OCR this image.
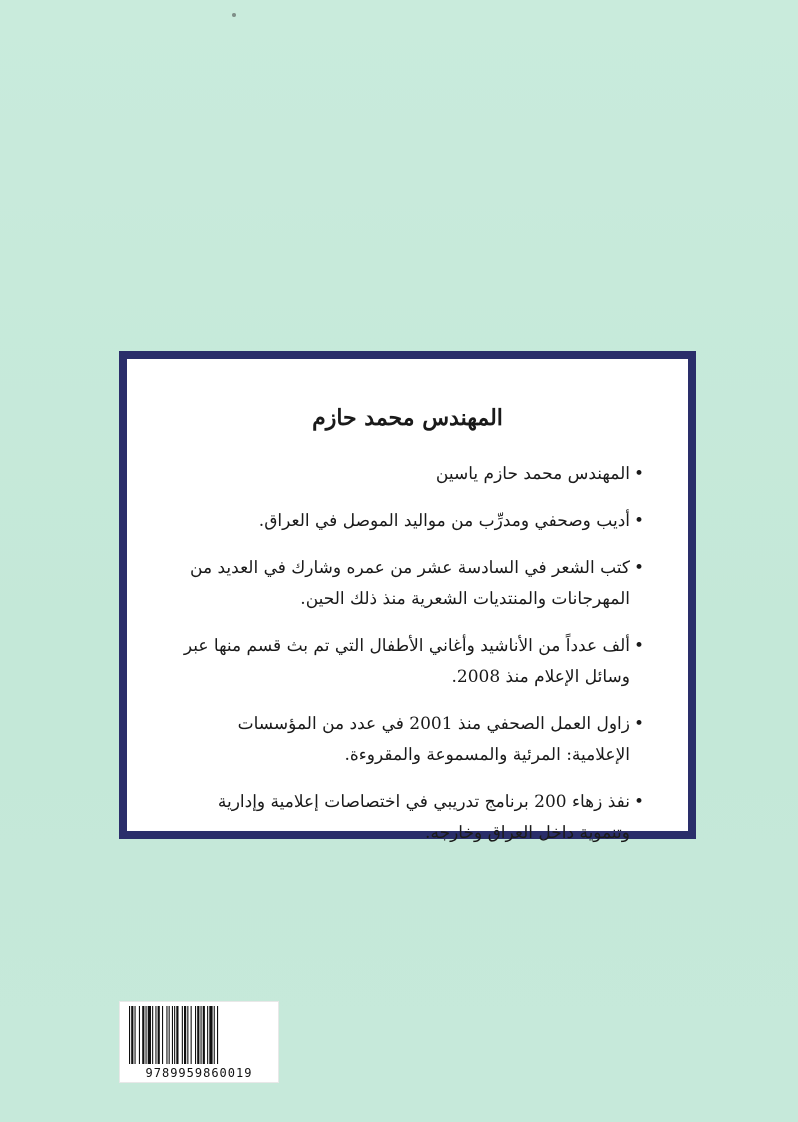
المهندس محمد حازم
•
المهندس محمد حازم ياسين
•
أديب وصحفي ومدرِّب من مواليد الموصل في العراق.
•
كتب الشعر في السادسة عشر من عمره وشارك في العديد من المهرجانات والمنتديات الشعرية منذ ذلك الحين.
•
ألف عدداً من الأناشيد وأغاني الأطفال التي تم بث قسم منها عبر وسائل الإعلام منذ 2008.
•
زاول العمل الصحفي منذ 2001 في عدد من المؤسسات الإعلامية: المرئية والمسموعة والمقروءة.
•
نفذ زهاء 200 برنامج تدريبي في اختصاصات إعلامية وإدارية وتنموية داخل العراق وخارجه.
9789959860019
